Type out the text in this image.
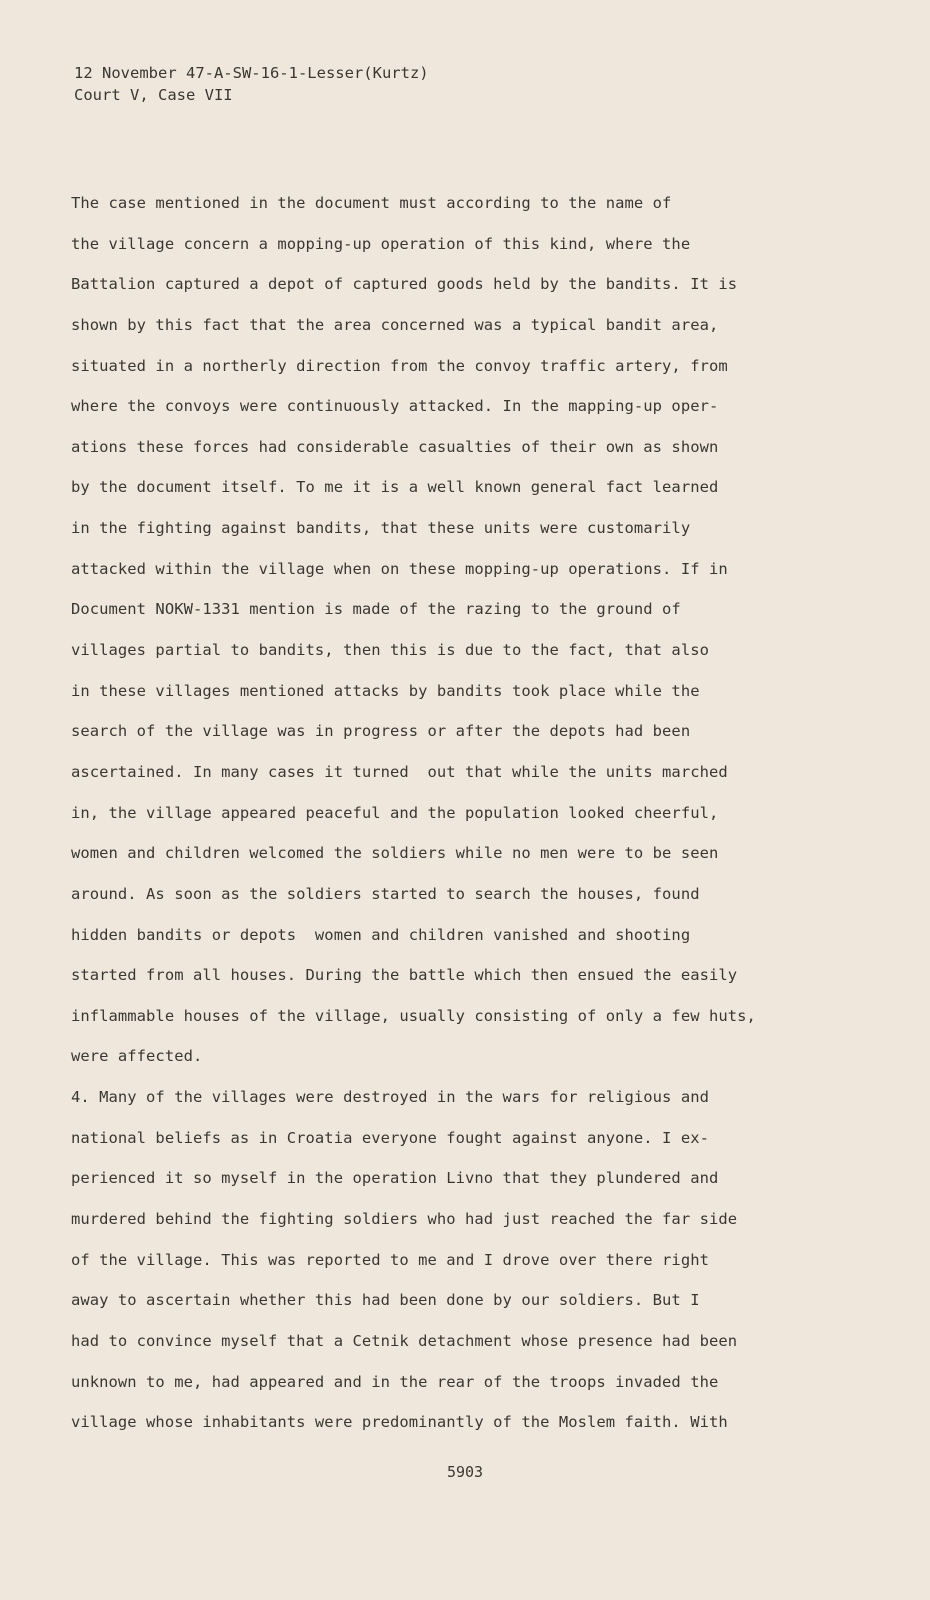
12 November 47-A-SW-16-1-Lesser(Kurtz)
Court V, Case VII
The case mentioned in the document must according to the name of
the village concern a mopping-up operation of this kind, where the
Battalion captured a depot of captured goods held by the bandits. It is
shown by this fact that the area concerned was a typical bandit area,
situated in a northerly direction from the convoy traffic artery, from
where the convoys were continuously attacked. In the mapping-up oper-
ations these forces had considerable casualties of their own as shown
by the document itself. To me it is a well known general fact learned
in the fighting against bandits, that these units were customarily
attacked within the village when on these mopping-up operations. If in
Document NOKW-1331 mention is made of the razing to the ground of
villages partial to bandits, then this is due to the fact, that also
in these villages mentioned attacks by bandits took place while the
search of the village was in progress or after the depots had been
ascertained. In many cases it turned  out that while the units marched
in, the village appeared peaceful and the population looked cheerful,
women and children welcomed the soldiers while no men were to be seen
around. As soon as the soldiers started to search the houses, found
hidden bandits or depots  women and children vanished and shooting
started from all houses. During the battle which then ensued the easily
inflammable houses of the village, usually consisting of only a few huts,
were affected.
4. Many of the villages were destroyed in the wars for religious and
national beliefs as in Croatia everyone fought against anyone. I ex-
perienced it so myself in the operation Livno that they plundered and
murdered behind the fighting soldiers who had just reached the far side
of the village. This was reported to me and I drove over there right
away to ascertain whether this had been done by our soldiers. But I
had to convince myself that a Cetnik detachment whose presence had been
unknown to me, had appeared and in the rear of the troops invaded the
village whose inhabitants were predominantly of the Moslem faith. With
5903
